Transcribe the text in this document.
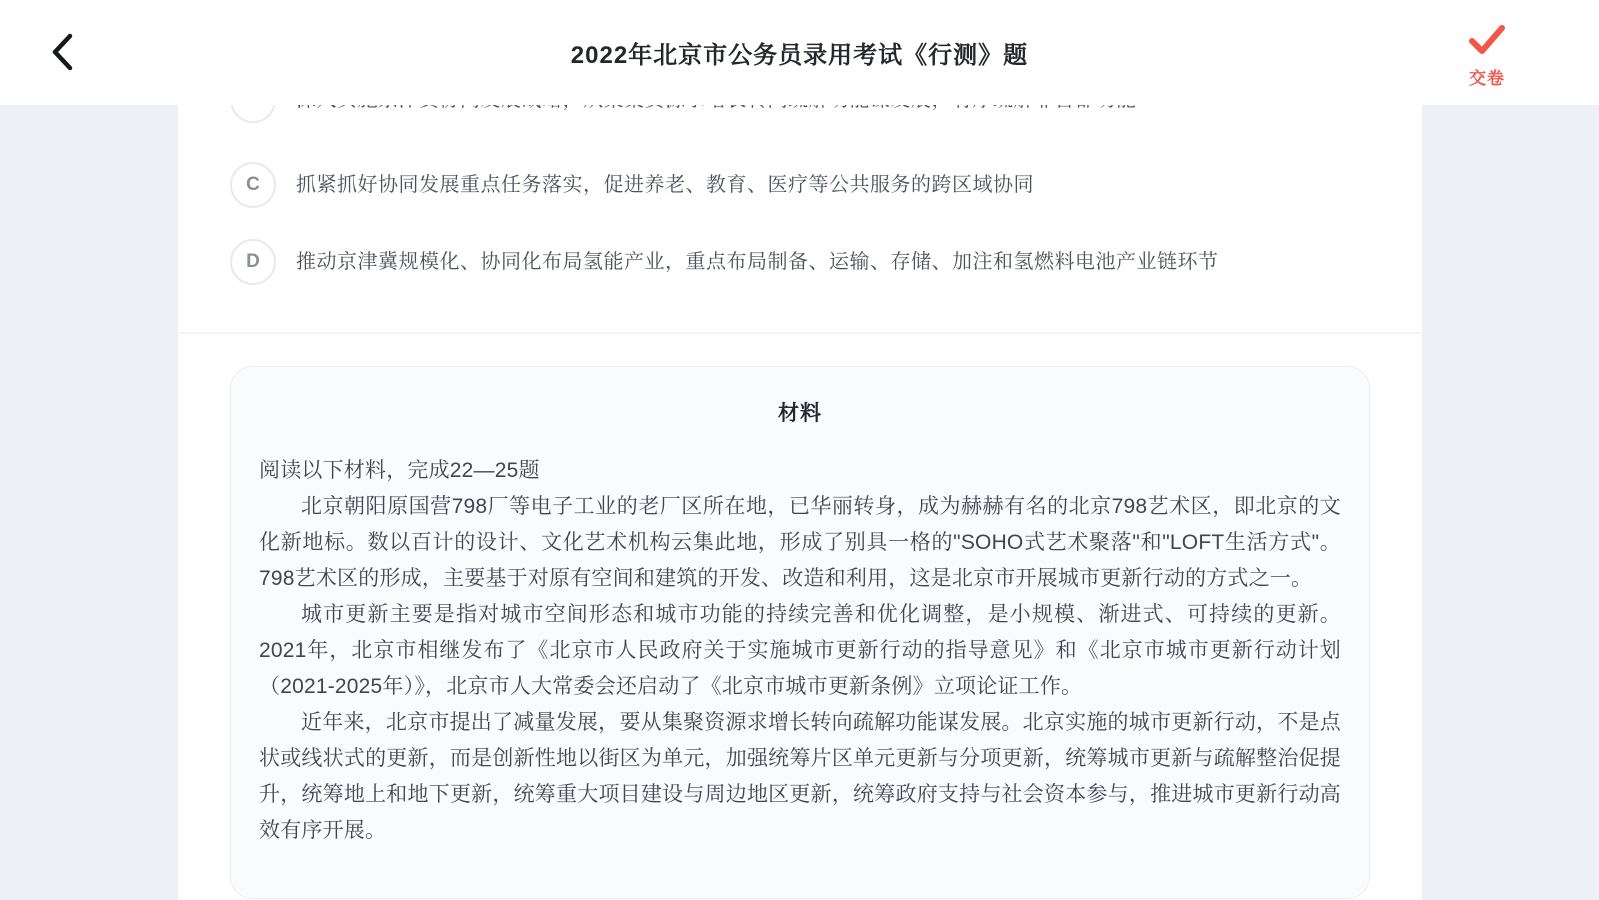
C	抓紧抓好协同发展重点任务落实，促进养老、教育、医疗等公共服务的跨区域协同
D	推动京津冀规模化、协同化布局氢能产业，重点布局制备、运输、存储、加注和氢燃料电池产业链环节
材料

阅读以下材料，完成22—25题

北京朝阳原国营798厂等电子工业的老厂区所在地，已华丽转身，成为赫赫有名的北京798艺术区，即北京的文化新地标。数以百计的设计、文化艺术机构云集此地，形成了别具一格的"SOHO式艺术聚落"和"LOFT生活方式"。798艺术区的形成，主要基于对原有空间和建筑的开发、改造和利用，这是北京市开展城市更新行动的方式之一。

城市更新主要是指对城市空间形态和城市功能的持续完善和优化调整，是小规模、渐进式、可持续的更新。2021年，北京市相继发布了《北京市人民政府关于实施城市更新行动的指导意见》和《北京市城市更新行动计划（2021-2025年）》，北京市人大常委会还启动了《北京市城市更新条例》立项论证工作。

近年来，北京市提出了减量发展，要从集聚资源求增长转向疏解功能谋发展。北京实施的城市更新行动，不是点状或线状式的更新，而是创新性地以街区为单元，加强统筹片区单元更新与分项更新，统筹城市更新与疏解整治促提升，统筹地上和地下更新，统筹重大项目建设与周边地区更新，统筹政府支持与社会资本参与，推进城市更新行动高效有序开展。

2022年北京市公务员录用考试《行测》题
交卷
